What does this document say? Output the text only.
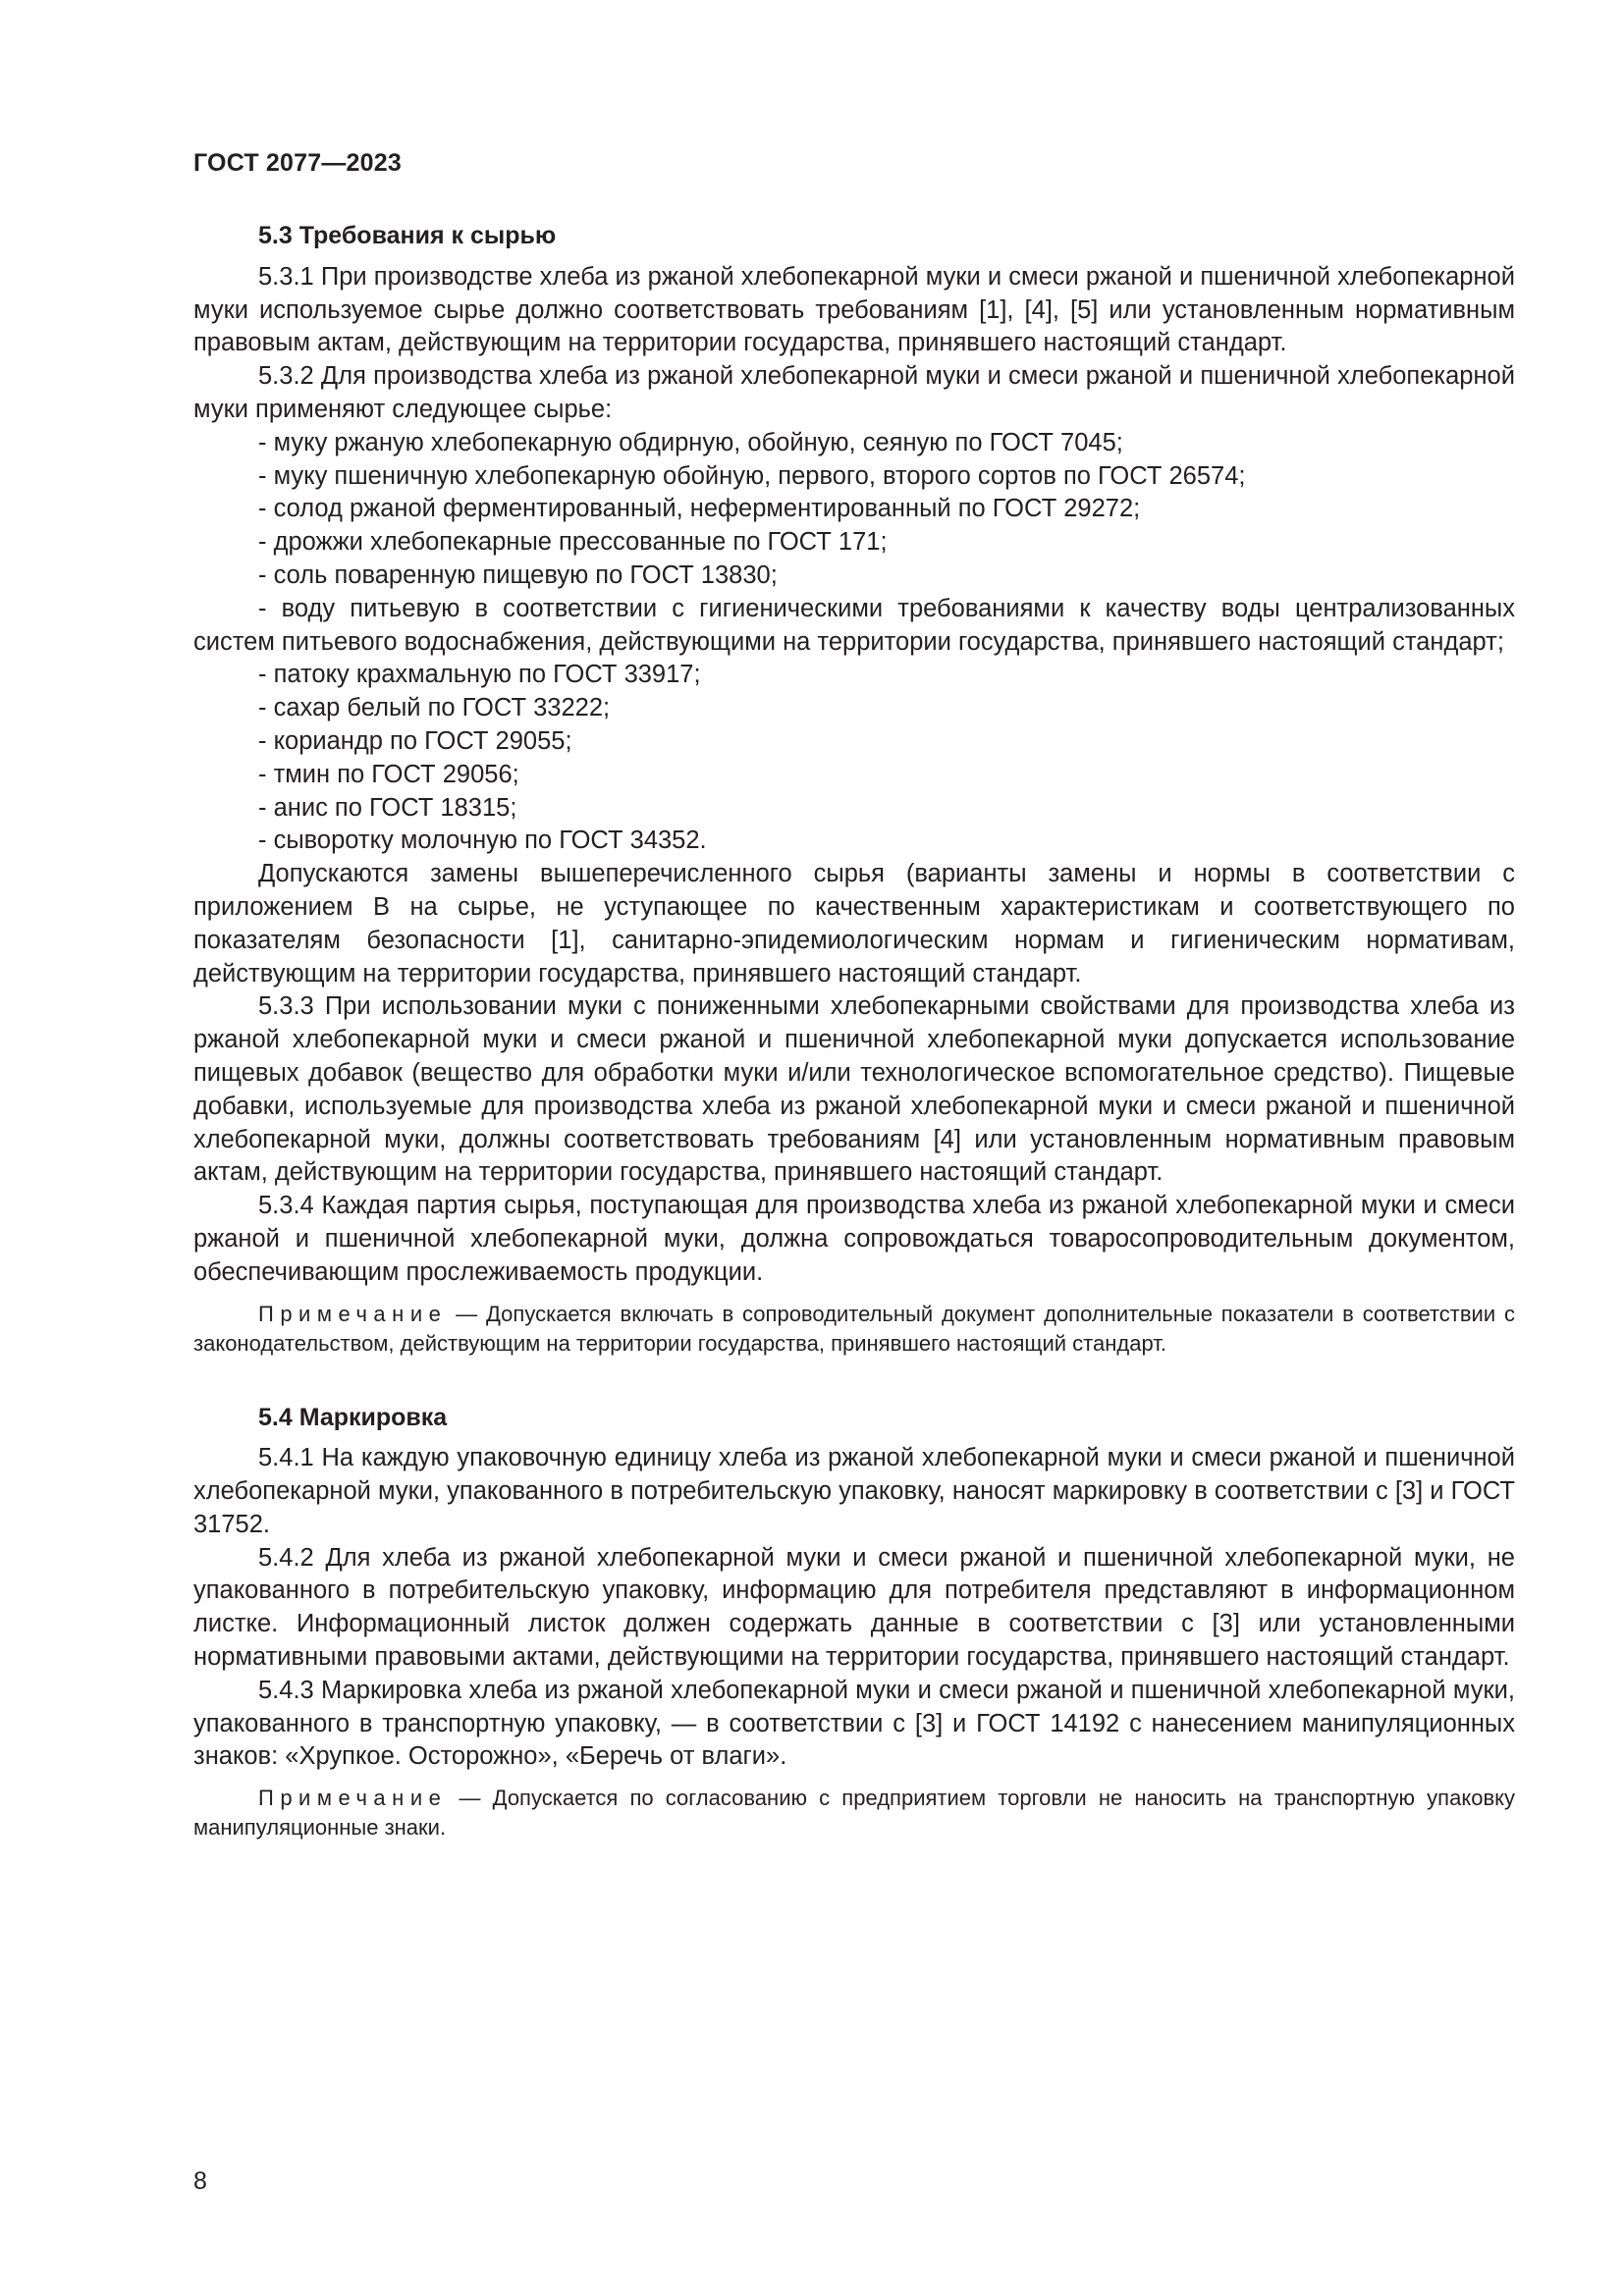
ГОСТ 2077—2023
5.3 Требования к сырью

5.3.1 При производстве хлеба из ржаной хлебопекарной муки и смеси ржаной и пшеничной хлебопекарной муки используемое сырье должно соответствовать требованиям [1], [4], [5] или установленным нормативным правовым актам, действующим на территории государства, принявшего настоящий стандарт.

5.3.2 Для производства хлеба из ржаной хлебопекарной муки и смеси ржаной и пшеничной хлебопекарной муки применяют следующее сырье:

- муку ржаную хлебопекарную обдирную, обойную, сеяную по ГОСТ 7045;
- муку пшеничную хлебопекарную обойную, первого, второго сортов по ГОСТ 26574;
- солод ржаной ферментированный, неферментированный по ГОСТ 29272;
- дрожжи хлебопекарные прессованные по ГОСТ 171;
- соль поваренную пищевую по ГОСТ 13830;
- воду питьевую в соответствии с гигиеническими требованиями к качеству воды централизованных систем питьевого водоснабжения, действующими на территории государства, принявшего настоящий стандарт;
- патоку крахмальную по ГОСТ 33917;
- сахар белый по ГОСТ 33222;
- кориандр по ГОСТ 29055;
- тмин по ГОСТ 29056;
- анис по ГОСТ 18315;
- сыворотку молочную по ГОСТ 34352.

Допускаются замены вышеперечисленного сырья (варианты замены и нормы в соответствии с приложением В на сырье, не уступающее по качественным характеристикам и соответствующего по показателям безопасности [1], санитарно-эпидемиологическим нормам и гигиеническим нормативам, действующим на территории государства, принявшего настоящий стандарт.

5.3.3 При использовании муки с пониженными хлебопекарными свойствами для производства хлеба из ржаной хлебопекарной муки и смеси ржаной и пшеничной хлебопекарной муки допускается использование пищевых добавок (вещество для обработки муки и/или технологическое вспомогательное средство). Пищевые добавки, используемые для производства хлеба из ржаной хлебопекарной муки и смеси ржаной и пшеничной хлебопекарной муки, должны соответствовать требованиям [4] или установленным нормативным правовым актам, действующим на территории государства, принявшего настоящий стандарт.

5.3.4 Каждая партия сырья, поступающая для производства хлеба из ржаной хлебопекарной муки и смеси ржаной и пшеничной хлебопекарной муки, должна сопровождаться товаросопроводительным документом, обеспечивающим прослеживаемость продукции.

Примечание — Допускается включать в сопроводительный документ дополнительные показатели в соответствии с законодательством, действующим на территории государства, принявшего настоящий стандарт.

5.4 Маркировка

5.4.1 На каждую упаковочную единицу хлеба из ржаной хлебопекарной муки и смеси ржаной и пшеничной хлебопекарной муки, упакованного в потребительскую упаковку, наносят маркировку в соответствии с [3] и ГОСТ 31752.

5.4.2 Для хлеба из ржаной хлебопекарной муки и смеси ржаной и пшеничной хлебопекарной муки, не упакованного в потребительскую упаковку, информацию для потребителя представляют в информационном листке. Информационный листок должен содержать данные в соответствии с [3] или установленными нормативными правовыми актами, действующими на территории государства, принявшего настоящий стандарт.

5.4.3 Маркировка хлеба из ржаной хлебопекарной муки и смеси ржаной и пшеничной хлебопекарной муки, упакованного в транспортную упаковку, — в соответствии с [3] и ГОСТ 14192 с нанесением манипуляционных знаков: «Хрупкое. Осторожно», «Беречь от влаги».

Примечание — Допускается по согласованию с предприятием торговли не наносить на транспортную упаковку манипуляционные знаки.

8
